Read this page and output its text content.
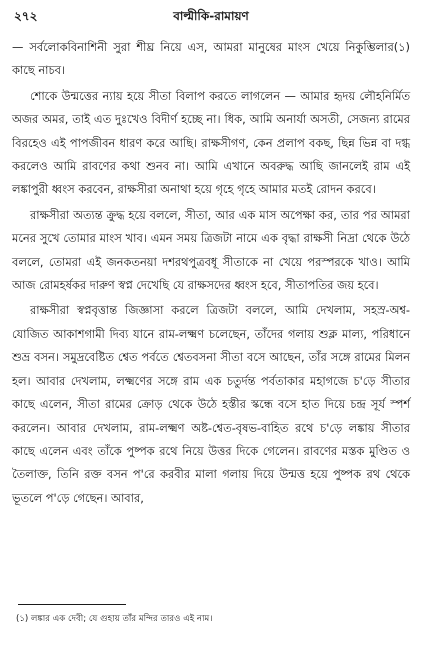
২৭২	বাল্মীকি-রামায়ণ

— সর্বলোকবিনাশিনী সুরা শীঘ্র নিয়ে এস, আমরা মানুষের মাংস খেয়ে নিকুম্ভিলার(১) কাছে নাচব।

শোকে উন্মত্তের ন্যায় হয়ে সীতা বিলাপ করতে লাগলেন — আমার হৃদয় লৌহনির্মিত অজর অমর, তাই এত দুঃখেও বিদীর্ণ হচ্ছে না। ধিক, আমি অনার্যা অসতী, সেজন্য রামের বিরহেও এই পাপজীবন ধারণ করে আছি। রাক্ষসীগণ, কেন প্রলাপ বকছ, ছিন্ন ভিন্ন বা দগ্ধ করলেও আমি রাবণের কথা শুনব না। আমি এখানে অবরুদ্ধ আছি জানলেই রাম এই লঙ্কাপুরী ধ্বংস করবেন, রাক্ষসীরা অনাথা হয়ে গৃহে গৃহে আমার মতই রোদন করবে।

রাক্ষসীরা অত্যন্ত ক্রুদ্ধ হয়ে বললে, সীতা, আর এক মাস অপেক্ষা কর, তার পর আমরা মনের সুখে তোমার মাংস খাব। এমন সময় ত্রিজটা নামে এক বৃদ্ধা রাক্ষসী নিদ্রা থেকে উঠে বললে, তোমরা এই জনকতনয়া দশরথপুত্রবধূ সীতাকে না খেয়ে পরস্পরকে খাও। আমি আজ রোমহর্ষকর দারুণ স্বপ্ন দেখেছি যে রাক্ষসদের ধ্বংস হবে, সীতাপতির জয় হবে।

রাক্ষসীরা স্বপ্নবৃত্তান্ত জিজ্ঞাসা করলে ত্রিজটা বললে, আমি দেখলাম, সহস্র-অশ্ব-যোজিত আকাশগামী দিব্য যানে রাম-লক্ষ্মণ চলেছেন, তাঁদের গলায় শুক্ল মাল্য, পরিধানে শুভ্র বসন। সমুদ্রবেষ্টিত শ্বেত পর্বতে শ্বেতবসনা সীতা বসে আছেন, তাঁর সঙ্গে রামের মিলন হল। আবার দেখলাম, লক্ষ্মণের সঙ্গে রাম এক চতুর্দন্ত পর্বতাকার মহাগজে চ'ড়ে সীতার কাছে এলেন, সীতা রামের ক্রোড় থেকে উঠে হস্তীর স্কন্ধে বসে হাত দিয়ে চন্দ্র সূর্য স্পর্শ করলেন। আবার দেখলাম, রাম-লক্ষ্মণ অষ্ট-শ্বেত-বৃষভ-বাহিত রথে চ'ড়ে লঙ্কায় সীতার কাছে এলেন এবং তাঁকে পুষ্পক রথে নিয়ে উত্তর দিকে গেলেন। রাবণের মস্তক মুণ্ডিত ও তৈলাক্ত, তিনি রক্ত বসন প'রে করবীর মালা গলায় দিয়ে উন্মত্ত হয়ে পুষ্পক রথ থেকে ভূতলে প'ড়ে গেছেন। আবার,

(১) লঙ্কার এক দেবী; যে গুহায় তাঁর মন্দির তারও এই নাম।
